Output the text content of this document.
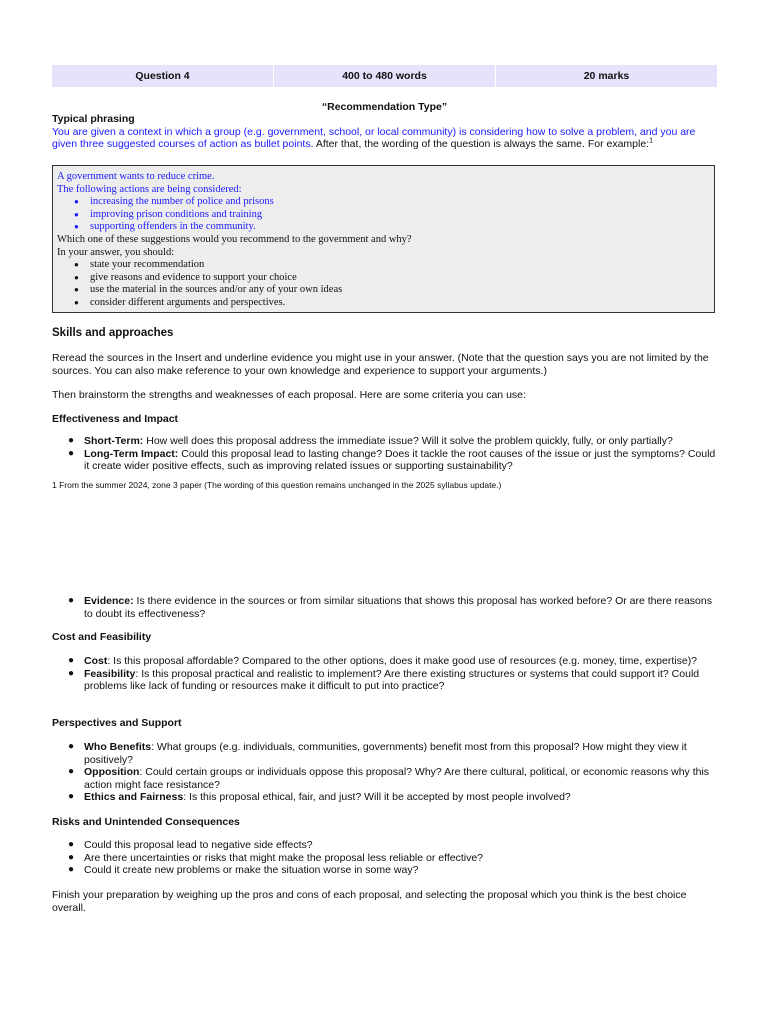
Question 4	400 to 480 words	20 marks
“Recommendation Type”
Typical phrasing
You are given a context in which a group (e.g. government, school, or local community) is considering how to solve a problem, and you are given three suggested courses of action as bullet points. After that, the wording of the question is always the same. For example:$^1$
A government wants to reduce crime.
The following actions are being considered:
● increasing the number of police and prisons
● improving prison conditions and training
● supporting offenders in the community.
Which one of these suggestions would you recommend to the government and why?
In your answer, you should:
● state your recommendation
● give reasons and evidence to support your choice
● use the material in the sources and/or any of your own ideas
● consider different arguments and perspectives.
Skills and approaches
Reread the sources in the Insert and underline evidence you might use in your answer. (Note that the question says you are not limited by the sources. You can also make reference to your own knowledge and experience to support your arguments.)
Then brainstorm the strengths and weaknesses of each proposal. Here are some criteria you can use:
Effectiveness and Impact
● Short-Term: How well does this proposal address the immediate issue? Will it solve the problem quickly, fully, or only partially?
● Long-Term Impact: Could this proposal lead to lasting change? Does it tackle the root causes of the issue or just the symptoms? Could it create wider positive effects, such as improving related issues or supporting sustainability?
1 From the summer 2024, zone 3 paper (The wording of this question remains unchanged in the 2025 syllabus update.)
● Evidence: Is there evidence in the sources or from similar situations that shows this proposal has worked before? Or are there reasons to doubt its effectiveness?
Cost and Feasibility
● Cost: Is this proposal affordable? Compared to the other options, does it make good use of resources (e.g. money, time, expertise)?
● Feasibility: Is this proposal practical and realistic to implement? Are there existing structures or systems that could support it? Could problems like lack of funding or resources make it difficult to put into practice?
Perspectives and Support
● Who Benefits: What groups (e.g. individuals, communities, governments) benefit most from this proposal? How might they view it positively?
● Opposition: Could certain groups or individuals oppose this proposal? Why? Are there cultural, political, or economic reasons why this action might face resistance?
● Ethics and Fairness: Is this proposal ethical, fair, and just? Will it be accepted by most people involved?
Risks and Unintended Consequences
● Could this proposal lead to negative side effects?
● Are there uncertainties or risks that might make the proposal less reliable or effective?
● Could it create new problems or make the situation worse in some way?
Finish your preparation by weighing up the pros and cons of each proposal, and selecting the proposal which you think is the best choice overall.
